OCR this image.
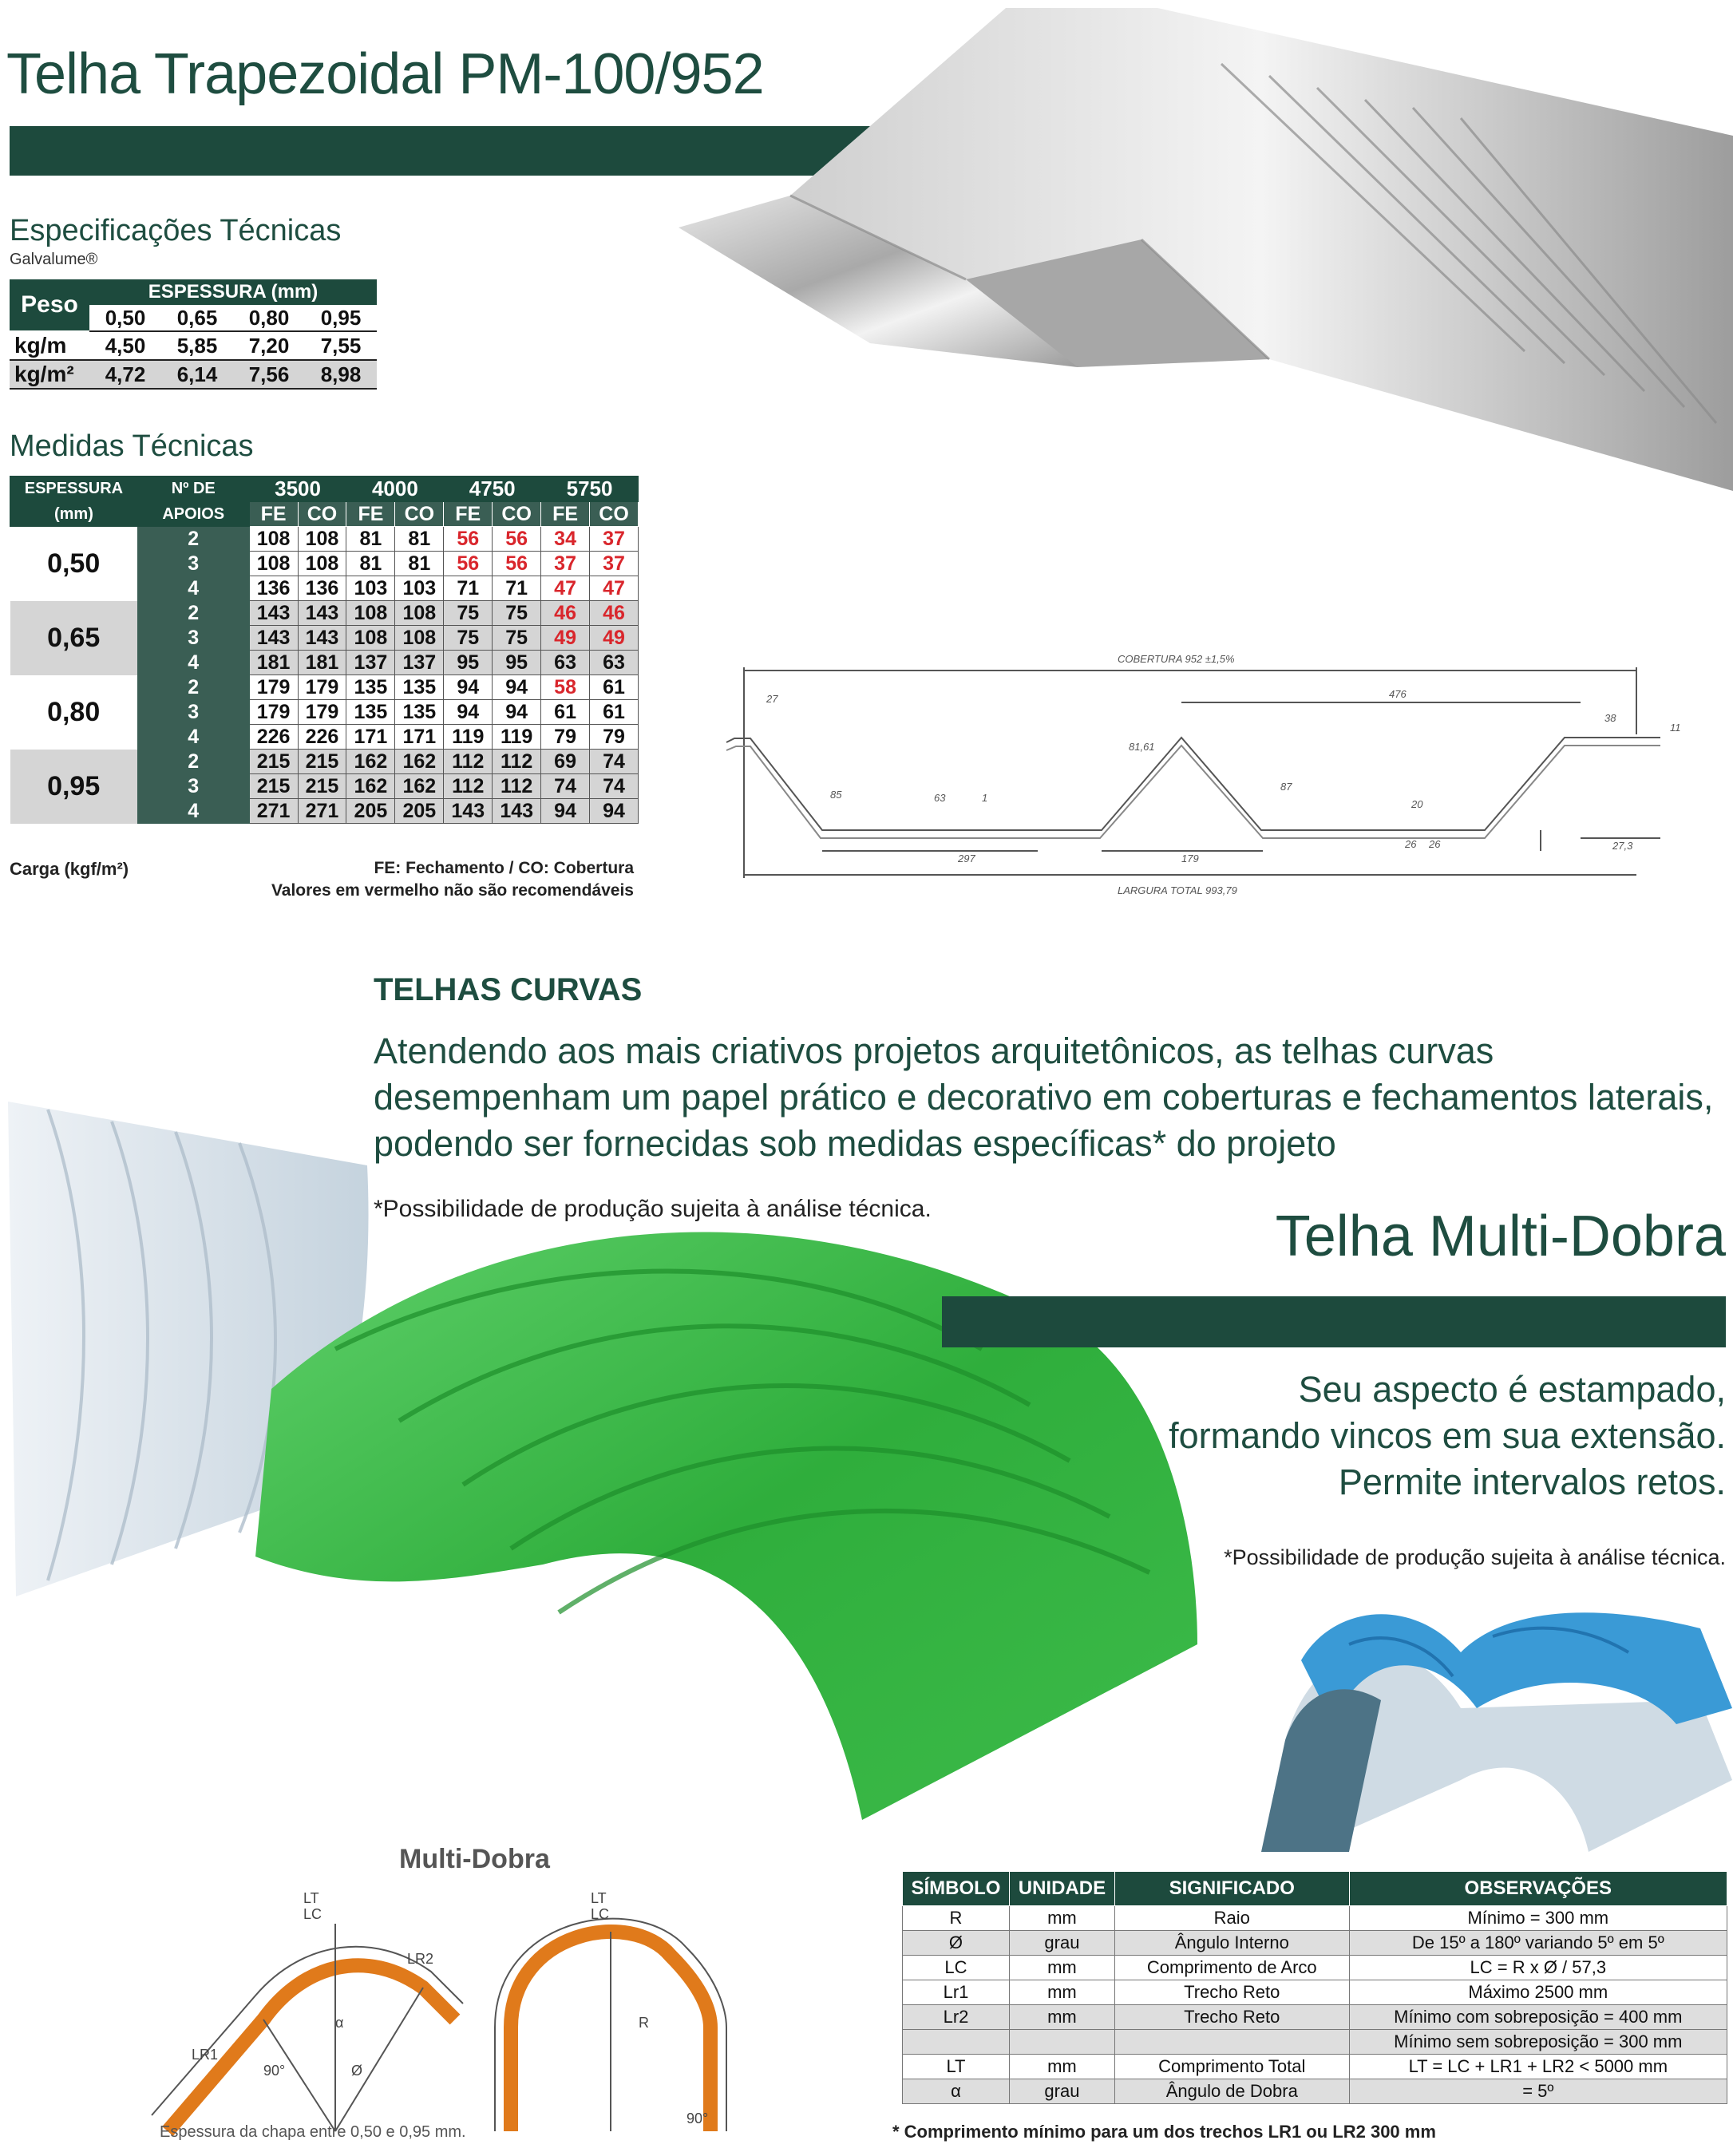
Telha Trapezoidal PM-100/952
Especificações Técnicas
Galvalume®
Peso	ESPESSURA (mm)
0,50	0,65	0,80	0,95
kg/m	4,50	5,85	7,20	7,55
kg/m²	4,72	6,14	7,56	8,98
Medidas Técnicas
ESPESSURA	Nº DE	3500		4000		4750		5750	
(mm)	APOIOS	FE	CO	FE	CO	FE	CO	FE	CO
0,50	2	108	108	81	81	56	56	34	37
	3	108	108	81	81	56	56	37	37
	4	136	136	103	103	71	71	47	47
0,65	2	143	143	108	108	75	75	46	46
	3	143	143	108	108	75	75	49	49
	4	181	181	137	137	95	95	63	63
0,80	2	179	179	135	135	94	94	58	61
	3	179	179	135	135	94	94	61	61
	4	226	226	171	171	119	119	79	79
0,95	2	215	215	162	162	112	112	69	74
	3	215	215	162	162	112	112	74	74
	4	271	271	205	205	143	143	94	94
Carga (kgf/m²)	FE: Fechamento / CO: Cobertura
Valores em vermelho não são recomendáveis
COBERTURA 952 ±1,5%
LARGURA TOTAL 993,79
27	476
297	179
27,3
26 26
20
87
81,61
85	63
38
11
1
TELHAS CURVAS
Atendendo aos mais criativos projetos arquitetônicos, as telhas curvas desempenham um papel prático e decorativo em coberturas e fechamentos laterais, podendo ser fornecidas sob medidas específicas* do projeto
*Possibilidade de produção sujeita à análise técnica.	Telha Multi-Dobra
Seu aspecto é estampado,
formando vincos em sua extensão.
Permite intervalos retos.
*Possibilidade de produção sujeita à análise técnica.
Multi-Dobra
LT
LC
LR1
LR2
α
Ø
LT
LC
R
90°
90°
Espessura da chapa entre 0,50 e 0,95 mm.
SÍMBOLO	UNIDADE	SIGNIFICADO	OBSERVAÇÕES
R	mm	Raio	Mínimo = 300 mm
Ø	grau	Ângulo Interno	De 15º a 180º variando 5º em 5º
LC	mm	Comprimento de Arco	LC = R x Ø / 57,3
Lr1	mm	Trecho Reto	Máximo 2500 mm
Lr2	mm	Trecho Reto	Mínimo com sobreposição = 400 mm
			Mínimo sem sobreposição = 300 mm
LT	mm	Comprimento Total	LT = LC + LR1 + LR2 < 5000 mm
α	grau	Ângulo de Dobra	= 5º
* Comprimento mínimo para um dos trechos LR1 ou LR2 300 mm
